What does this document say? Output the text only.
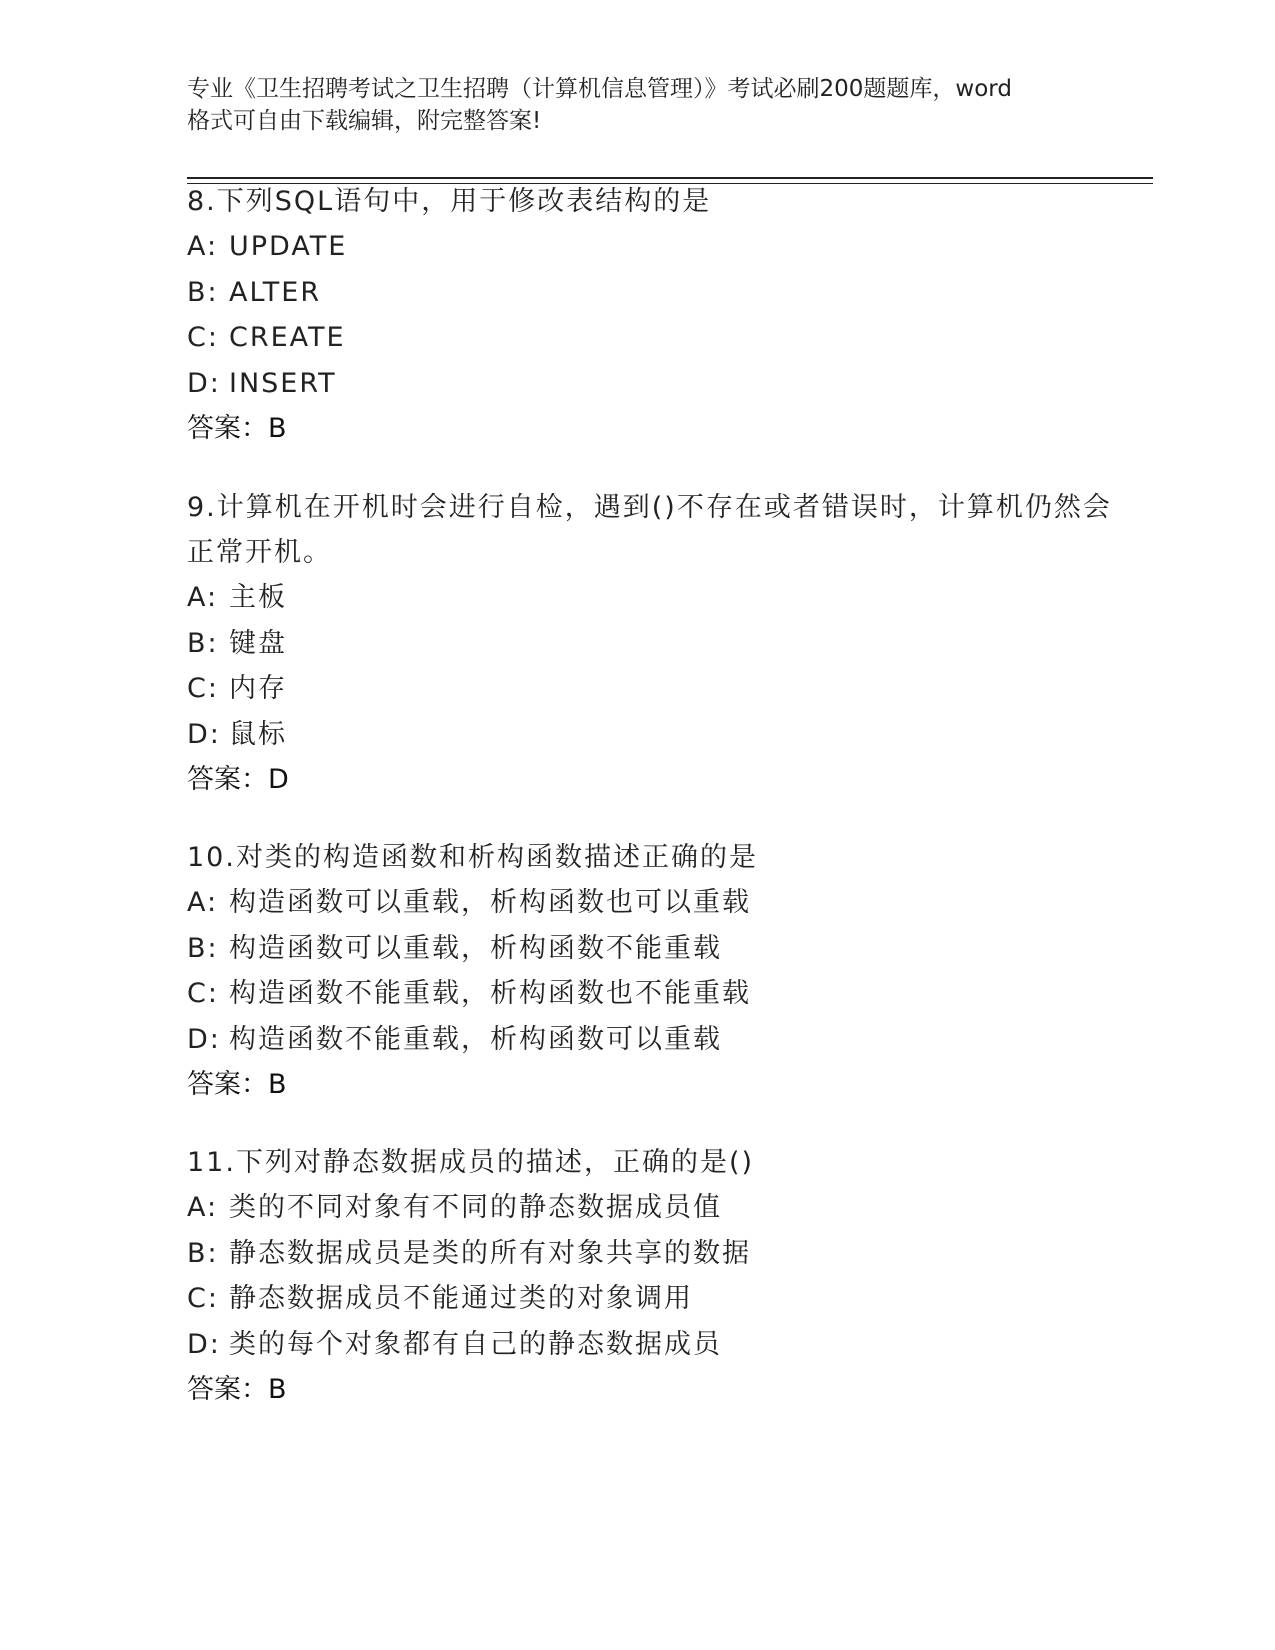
专业《卫生招聘考试之卫生招聘（计算机信息管理）》考试必刷200题题库，word
格式可自由下载编辑，附完整答案!
8.下列SQL语句中，用于修改表结构的是
A: UPDATE
B: ALTER
C: CREATE
D: INSERT
答案：B
9.计算机在开机时会进行自检，遇到()不存在或者错误时，计算机仍然会正常开机。
A: 主板
B: 键盘
C: 内存
D: 鼠标
答案：D
10.对类的构造函数和析构函数描述正确的是
A: 构造函数可以重载，析构函数也可以重载
B: 构造函数可以重载，析构函数不能重载
C: 构造函数不能重载，析构函数也不能重载
D: 构造函数不能重载，析构函数可以重载
答案：B
11.下列对静态数据成员的描述，正确的是()
A: 类的不同对象有不同的静态数据成员值
B: 静态数据成员是类的所有对象共享的数据
C: 静态数据成员不能通过类的对象调用
D: 类的每个对象都有自己的静态数据成员
答案：B
